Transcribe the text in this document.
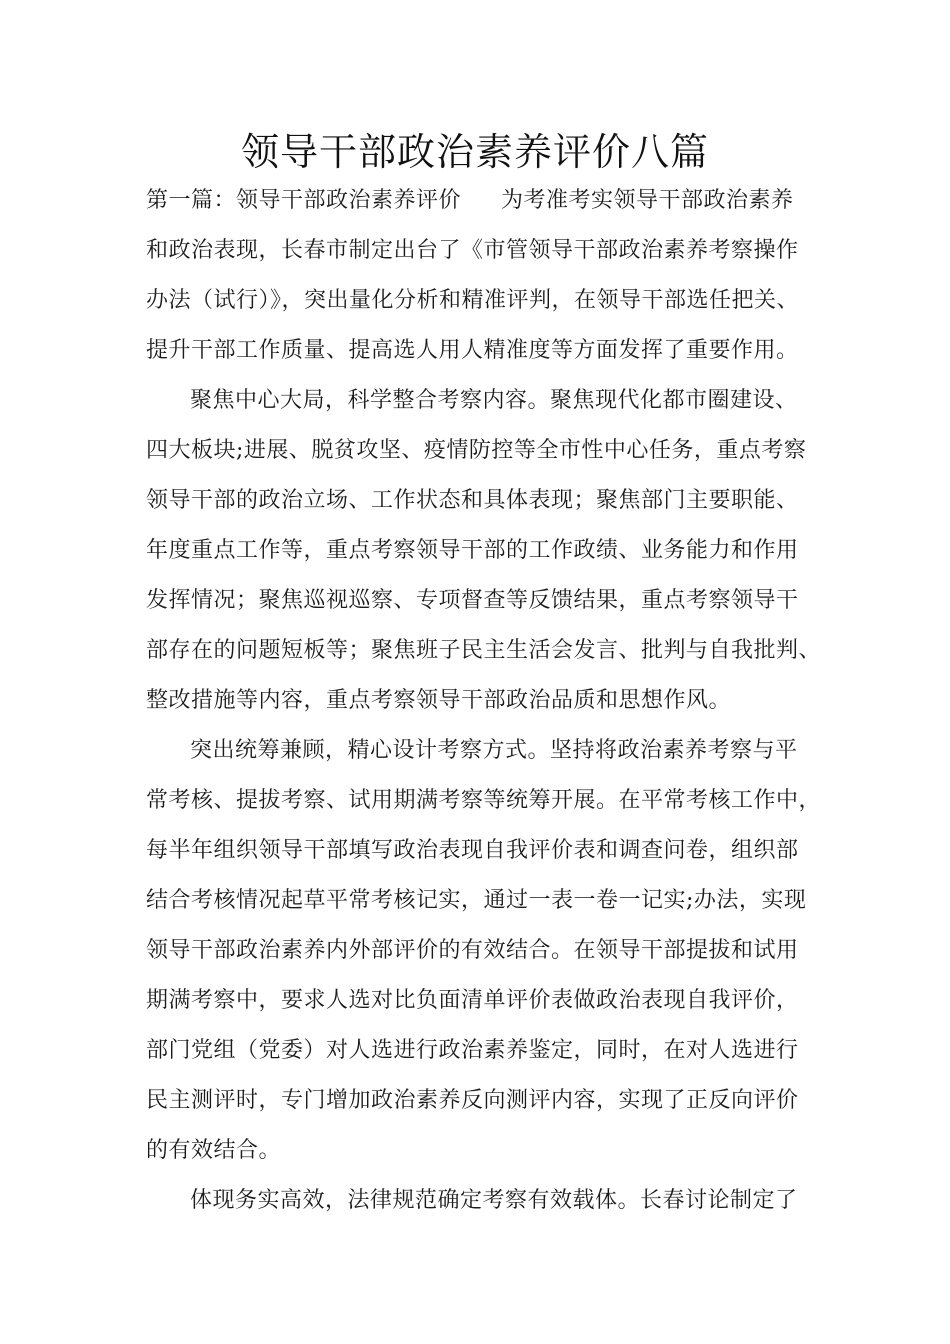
领导干部政治素养评价八篇
第一篇：领导干部政治素养评价 为考准考实领导干部政治素养
和政治表现，长春市制定出台了《市管领导干部政治素养考察操作
办法（试行）》，突出量化分析和精准评判，在领导干部选任把关、
提升干部工作质量、提高选人用人精准度等方面发挥了重要作用。
聚焦中心大局，科学整合考察内容。聚焦现代化都市圈建设、
四大板块;进展、脱贫攻坚、疫情防控等全市性中心任务，重点考察
领导干部的政治立场、工作状态和具体表现；聚焦部门主要职能、
年度重点工作等，重点考察领导干部的工作政绩、业务能力和作用
发挥情况；聚焦巡视巡察、专项督查等反馈结果，重点考察领导干
部存在的问题短板等；聚焦班子民主生活会发言、批判与自我批判、
整改措施等内容，重点考察领导干部政治品质和思想作风。
突出统筹兼顾，精心设计考察方式。坚持将政治素养考察与平
常考核、提拔考察、试用期满考察等统筹开展。在平常考核工作中，
每半年组织领导干部填写政治表现自我评价表和调查问卷，组织部
结合考核情况起草平常考核记实，通过一表一卷一记实;办法，实现
领导干部政治素养内外部评价的有效结合。在领导干部提拔和试用
期满考察中，要求人选对比负面清单评价表做政治表现自我评价，
部门党组（党委）对人选进行政治素养鉴定，同时，在对人选进行
民主测评时，专门增加政治素养反向测评内容，实现了正反向评价
的有效结合。
体现务实高效，法律规范确定考察有效载体。长春讨论制定了
